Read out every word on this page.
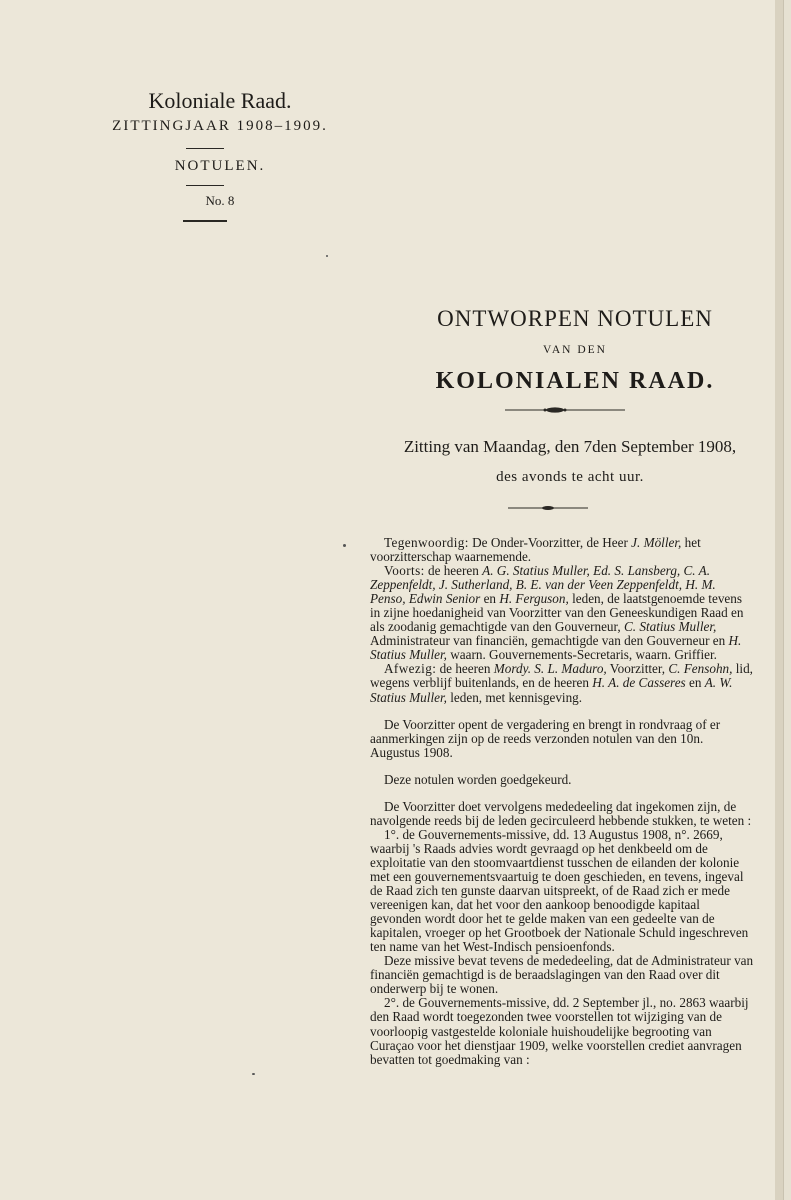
Koloniale Raad.
ZITTINGJAAR 1908–1909.
NOTULEN.
No. 8
ONTWORPEN NOTULEN
VAN DEN
KOLONIALEN RAAD.
Zitting van Maandag, den 7den September 1908,
des avonds te acht uur.

Tegenwoordig: De Onder-Voorzitter, de Heer J. Möller, het voorzitterschap waarnemende.

Voorts: de heeren A. G. Statius Muller, Ed. S. Lansberg, C. A. Zeppenfeldt, J. Sutherland, B. E. van der Veen Zeppenfeldt, H. M. Penso, Edwin Senior en H. Ferguson, leden, de laatstgenoemde tevens in zijne hoedanigheid van Voorzitter van den Geneeskundigen Raad en als zoodanig gemachtigde van den Gouverneur, C. Statius Muller, Administrateur van financiën, gemachtigde van den Gouverneur en H. Statius Muller, waarn. Gouvernements-Secretaris, waarn. Griffier.

Afwezig: de heeren Mordy. S. L. Maduro, Voorzitter, C. Fensohn, lid, wegens verblijf buitenlands, en de heeren H. A. de Casseres en A. W. Statius Muller, leden, met kennisgeving.

De Voorzitter opent de vergadering en brengt in rondvraag of er aanmerkingen zijn op de reeds verzonden notulen van den 10n. Augustus 1908.

Deze notulen worden goedgekeurd.

De Voorzitter doet vervolgens mededeeling dat ingekomen zijn, de navolgende reeds bij de leden gecirculeerd hebbende stukken, te weten :

1°. de Gouvernements-missive, dd. 13 Augustus 1908, n°. 2669, waarbij 's Raads advies wordt gevraagd op het denkbeeld om de exploitatie van den stoomvaartdienst tusschen de eilanden der kolonie met een gouvernementsvaartuig te doen geschieden, en tevens, ingeval de Raad zich ten gunste daarvan uitspreekt, of de Raad zich er mede vereenigen kan, dat het voor den aankoop benoodigde kapitaal gevonden wordt door het te gelde maken van een gedeelte van de kapitalen, vroeger op het Grootboek der Nationale Schuld ingeschreven ten name van het West-Indisch pensioenfonds.

Deze missive bevat tevens de mededeeling, dat de Administrateur van financiën gemachtigd is de beraadslagingen van den Raad over dit onderwerp bij te wonen.

2°. de Gouvernements-missive, dd. 2 September jl., no. 2863 waarbij den Raad wordt toegezonden twee voorstellen tot wijziging van de voorloopig vastgestelde koloniale huishoudelijke begrooting van Curaçao voor het dienstjaar 1909, welke voorstellen crediet aanvragen bevatten tot goedmaking van :
